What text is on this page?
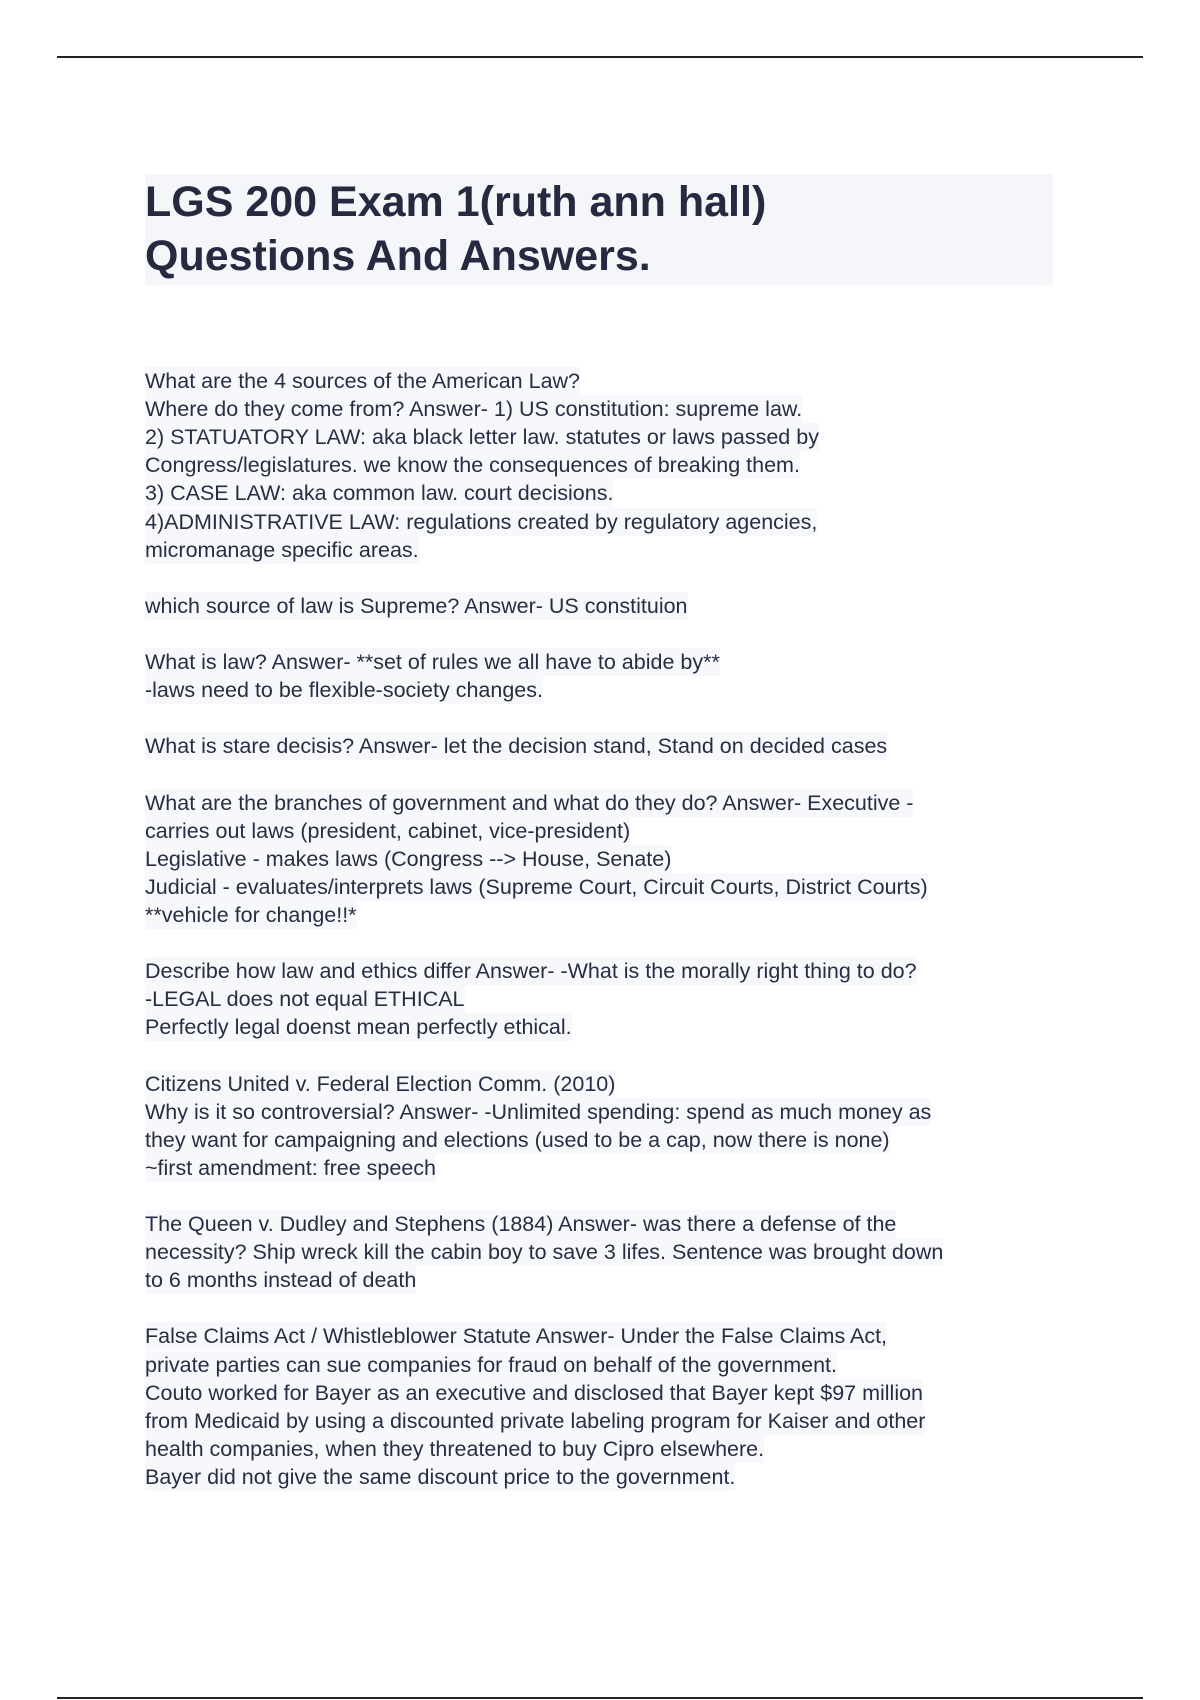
LGS 200 Exam 1(ruth ann hall)
Questions And Answers.
What are the 4 sources of the American Law?
Where do they come from? Answer- 1) US constitution: supreme law.
2) STATUATORY LAW: aka black letter law. statutes or laws passed by
Congress/legislatures. we know the consequences of breaking them.
3) CASE LAW: aka common law. court decisions.
4)ADMINISTRATIVE LAW: regulations created by regulatory agencies,
micromanage specific areas.
which source of law is Supreme? Answer- US constituion
What is law? Answer- **set of rules we all have to abide by**
-laws need to be flexible-society changes.
What is stare decisis? Answer- let the decision stand, Stand on decided cases
What are the branches of government and what do they do? Answer- Executive -
carries out laws (president, cabinet, vice-president)
Legislative - makes laws (Congress --> House, Senate)
Judicial - evaluates/interprets laws (Supreme Court, Circuit Courts, District Courts)
**vehicle for change!!*
Describe how law and ethics differ Answer- -What is the morally right thing to do?
-LEGAL does not equal ETHICAL
Perfectly legal doenst mean perfectly ethical.
Citizens United v. Federal Election Comm. (2010)
Why is it so controversial? Answer- -Unlimited spending: spend as much money as
they want for campaigning and elections (used to be a cap, now there is none)
~first amendment: free speech
The Queen v. Dudley and Stephens (1884) Answer- was there a defense of the
necessity? Ship wreck kill the cabin boy to save 3 lifes. Sentence was brought down
to 6 months instead of death
False Claims Act / Whistleblower Statute Answer- Under the False Claims Act,
private parties can sue companies for fraud on behalf of the government.
Couto worked for Bayer as an executive and disclosed that Bayer kept $97 million
from Medicaid by using a discounted private labeling program for Kaiser and other
health companies, when they threatened to buy Cipro elsewhere.
Bayer did not give the same discount price to the government.
